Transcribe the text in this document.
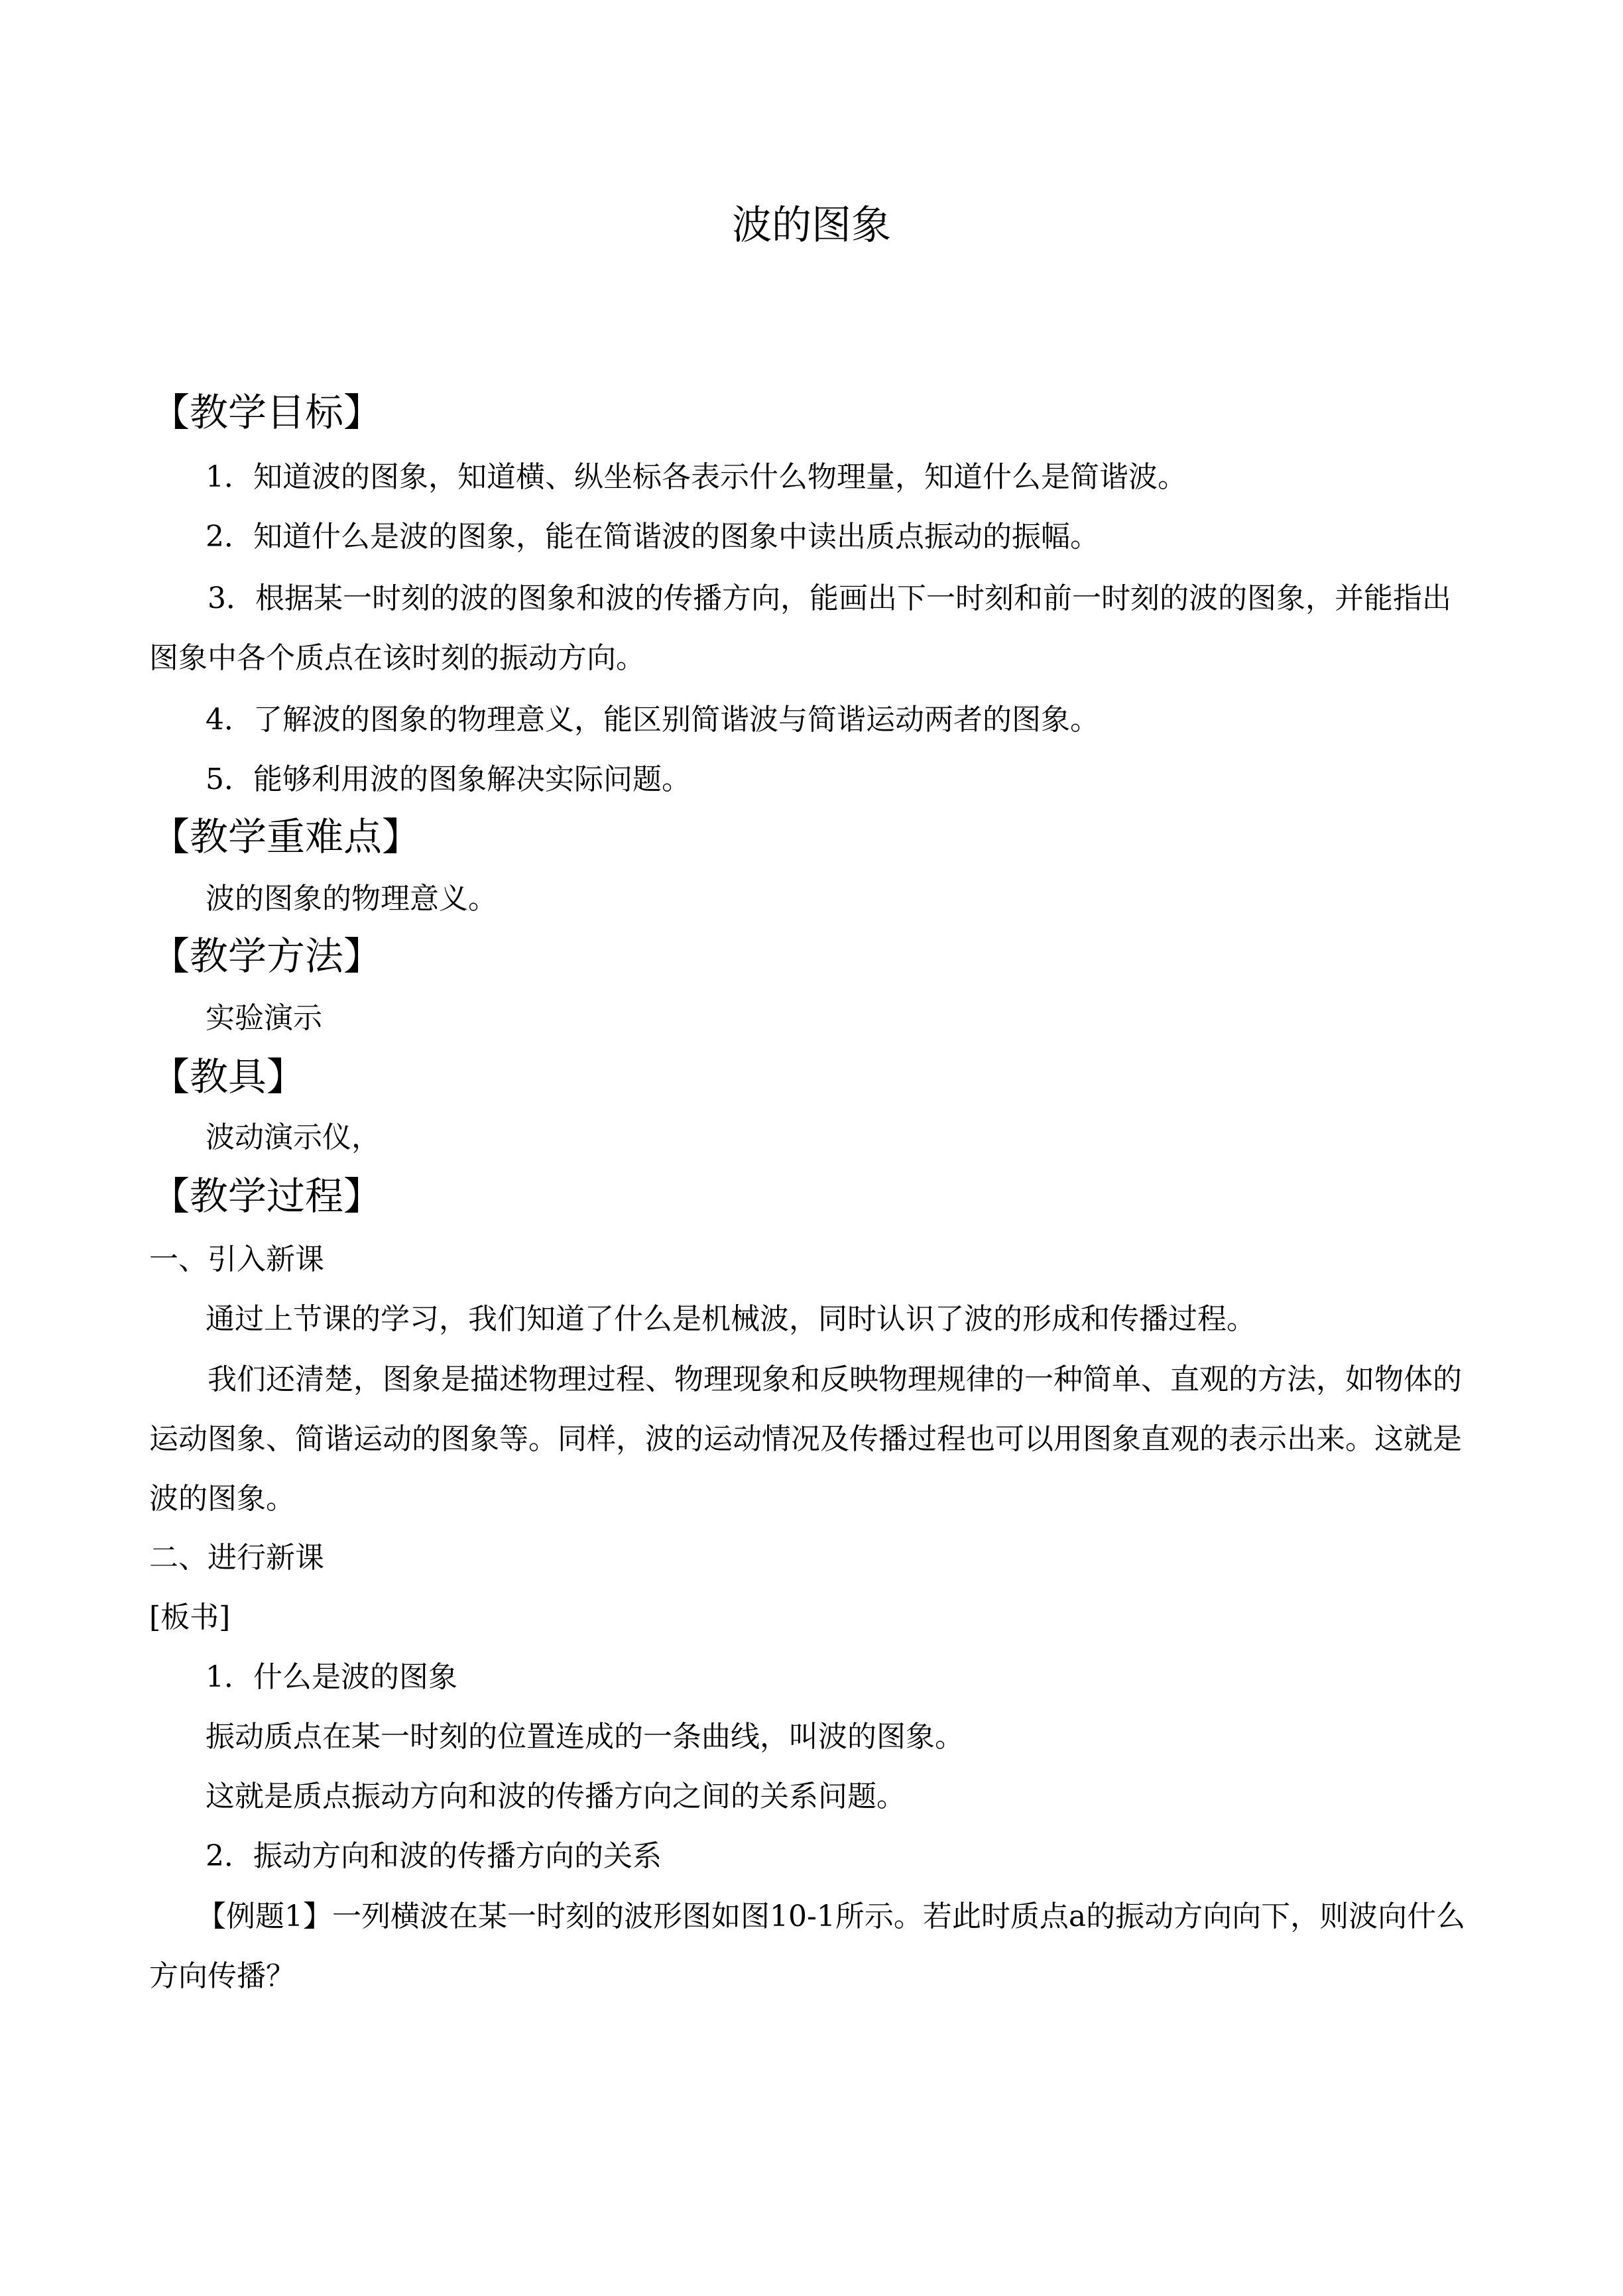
波的图象
【教学目标】
1．知道波的图象，知道横、纵坐标各表示什么物理量，知道什么是简谐波。
2．知道什么是波的图象，能在简谐波的图象中读出质点振动的振幅。
3．根据某一时刻的波的图象和波的传播方向，能画出下一时刻和前一时刻的波的图象，并能指出图象中各个质点在该时刻的振动方向。
4．了解波的图象的物理意义，能区别简谐波与简谐运动两者的图象。
5．能够利用波的图象解决实际问题。
【教学重难点】
波的图象的物理意义。
【教学方法】
实验演示
【教具】
波动演示仪，
【教学过程】
一、引入新课
通过上节课的学习，我们知道了什么是机械波，同时认识了波的形成和传播过程。
我们还清楚，图象是描述物理过程、物理现象和反映物理规律的一种简单、直观的方法，如物体的运动图象、简谐运动的图象等。同样，波的运动情况及传播过程也可以用图象直观的表示出来。这就是波的图象。
二、进行新课
[板书]
1．什么是波的图象
振动质点在某一时刻的位置连成的一条曲线，叫波的图象。
这就是质点振动方向和波的传播方向之间的关系问题。
2．振动方向和波的传播方向的关系
【例题1】一列横波在某一时刻的波形图如图10-1所示。若此时质点a的振动方向向下，则波向什么方向传播？
